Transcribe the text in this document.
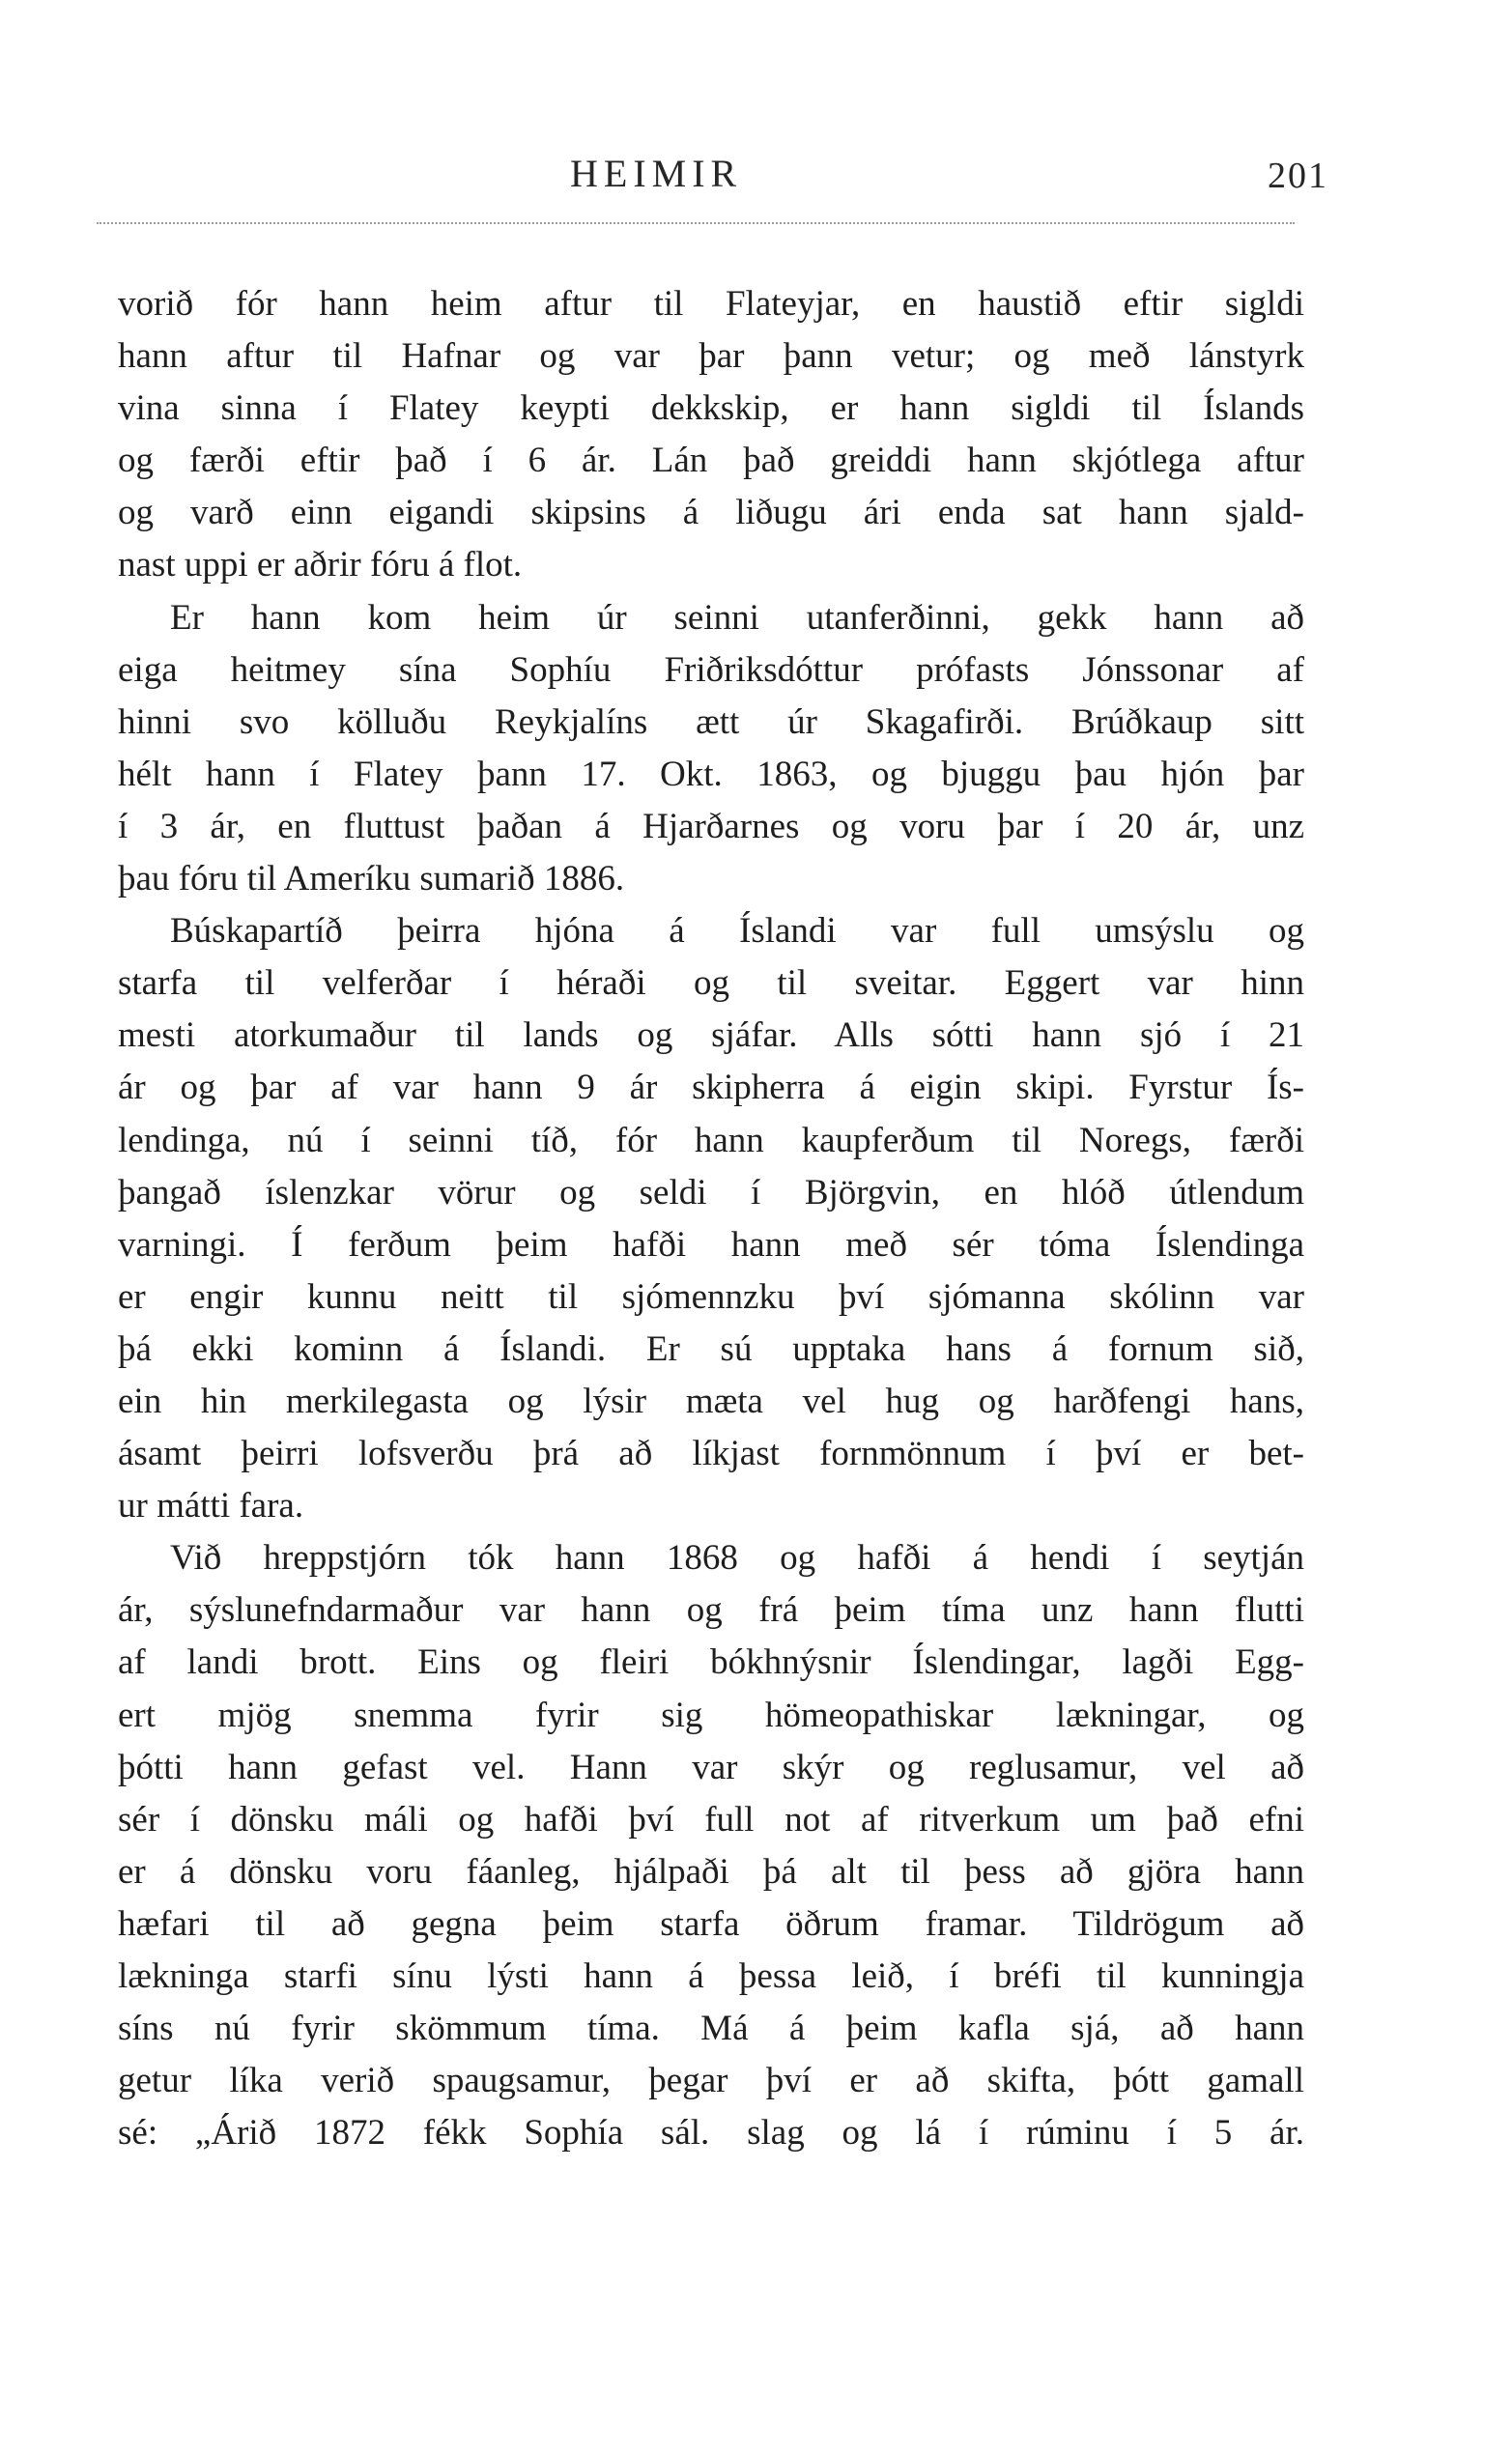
HEIMIR	201
vorið fór hann heim aftur til Flateyjar, en haustið eftir sigldi
hann aftur til Hafnar og var þar þann vetur; og með lánstyrk
vina sinna í Flatey keypti dekkskip, er hann sigldi til Íslands
og færði eftir það í 6 ár. Lán það greiddi hann skjótlega aftur
og varð einn eigandi skipsins á liðugu ári enda sat hann sjald-
nast uppi er aðrir fóru á flot.
Er hann kom heim úr seinni utanferðinni, gekk hann að
eiga heitmey sína Sophíu Friðriksdóttur prófasts Jónssonar af
hinni svo kölluðu Reykjalíns ætt úr Skagafirði. Brúðkaup sitt
hélt hann í Flatey þann 17. Okt. 1863, og bjuggu þau hjón þar
í 3 ár, en fluttust þaðan á Hjarðarnes og voru þar í 20 ár, unz
þau fóru til Ameríku sumarið 1886.
Búskapartíð þeirra hjóna á Íslandi var full umsýslu og
starfa til velferðar í héraði og til sveitar. Eggert var hinn
mesti atorkumaður til lands og sjáfar. Alls sótti hann sjó í 21
ár og þar af var hann 9 ár skipherra á eigin skipi. Fyrstur Ís-
lendinga, nú í seinni tíð, fór hann kaupferðum til Noregs, færði
þangað íslenzkar vörur og seldi í Björgvin, en hlóð útlendum
varningi. Í ferðum þeim hafði hann með sér tóma Íslendinga
er engir kunnu neitt til sjómennzku því sjómanna skólinn var
þá ekki kominn á Íslandi. Er sú upptaka hans á fornum sið,
ein hin merkilegasta og lýsir mæta vel hug og harðfengi hans,
ásamt þeirri lofsverðu þrá að líkjast fornmönnum í því er bet-
ur mátti fara.
Við hreppstjórn tók hann 1868 og hafði á hendi í seytján
ár, sýslunefndarmaður var hann og frá þeim tíma unz hann flutti
af landi brott. Eins og fleiri bókhnýsnir Íslendingar, lagði Egg-
ert mjög snemma fyrir sig hömeopathiskar lækningar, og
þótti hann gefast vel. Hann var skýr og reglusamur, vel að
sér í dönsku máli og hafði því full not af ritverkum um það efni
er á dönsku voru fáanleg, hjálpaði þá alt til þess að gjöra hann
hæfari til að gegna þeim starfa öðrum framar. Tildrögum að
lækninga starfi sínu lýsti hann á þessa leið, í bréfi til kunningja
síns nú fyrir skömmum tíma. Má á þeim kafla sjá, að hann
getur líka verið spaugsamur, þegar því er að skifta, þótt gamall
sé: „Árið 1872 fékk Sophía sál. slag og lá í rúminu í 5 ár.
